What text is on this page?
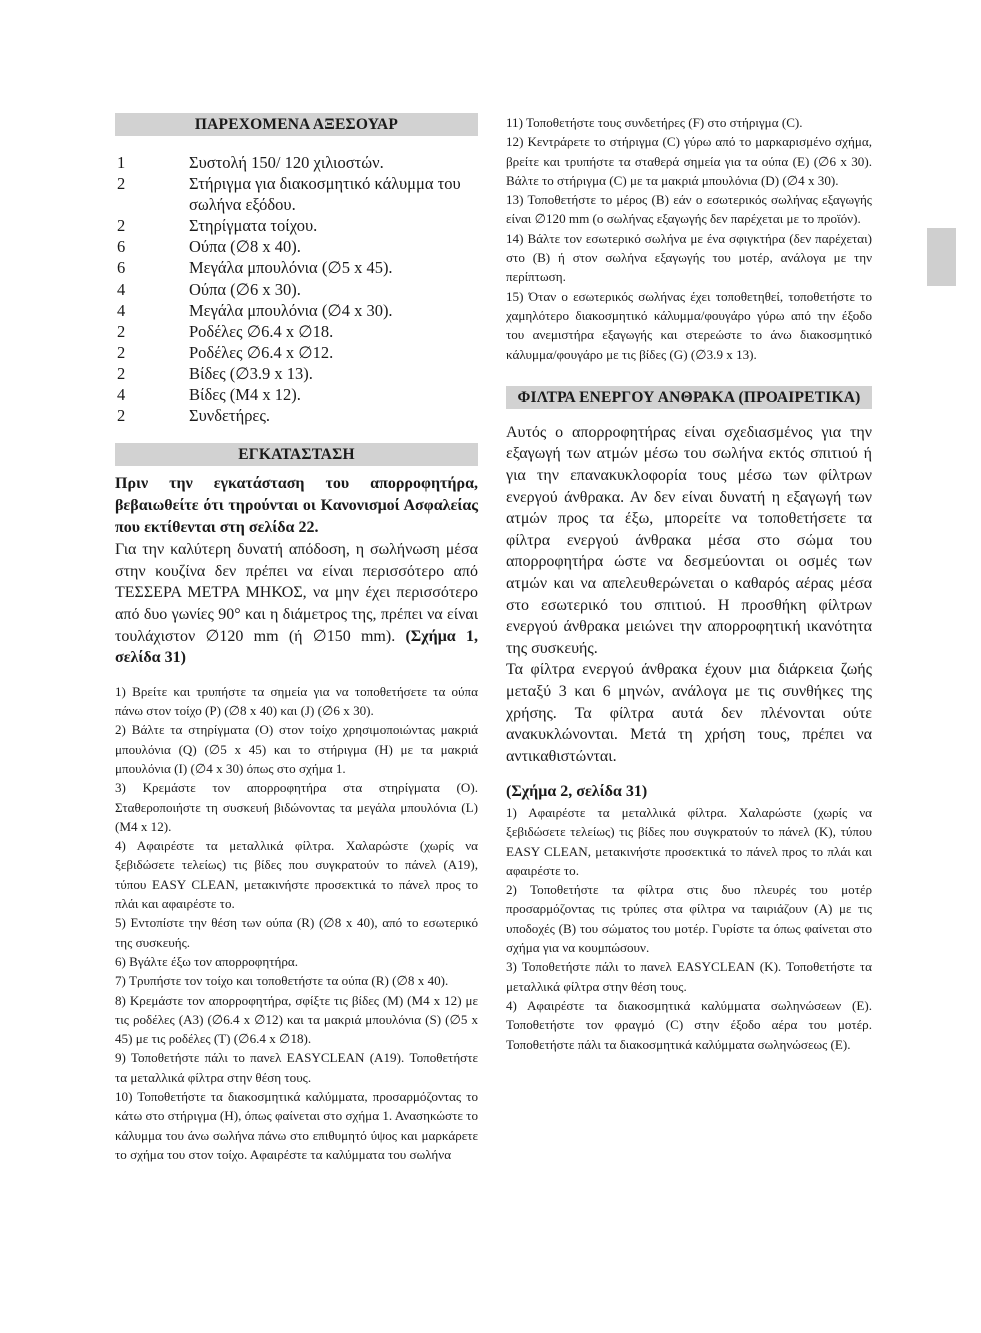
ΠΑΡΕΧΟΜΕΝΑ ΑΞΕΣΟΥΑΡ
1	Συστολή 150/ 120 χιλιοστών.
2	Στήριγμα για διακοσμητικό κάλυμμα του σωλήνα εξόδου.
2	Στηρίγματα τοίχου.
6	Ούπα (∅8 x 40).
6	Μεγάλα μπουλόνια (∅5 x 45).
4	Ούπα (∅6 x 30).
4	Μεγάλα μπουλόνια (∅4 x 30).
2	Ροδέλες ∅6.4 x ∅18.
2	Ροδέλες ∅6.4 x ∅12.
2	Βίδες (∅3.9 x 13).
4	Βίδες (M4 x 12).
2	Συνδετήρες.
ΕΓΚΑΤΑΣΤΑΣΗ
Πριν την εγκατάσταση του απορροφητήρα, βεβαιωθείτε ότι τηρούνται οι Κανονισμοί Ασφαλείας που εκτίθενται στη σελίδα 22.
Για την καλύτερη δυνατή απόδοση, η σωλήνωση μέσα στην κουζίνα δεν πρέπει να είναι περισσότερο από ΤΕΣΣΕΡΑ ΜΕΤΡΑ ΜΗΚΟΣ, να μην έχει περισσότερο από δυο γωνίες 90° και η διάμετρος της, πρέπει να είναι τουλάχιστον ∅120 mm (ή ∅150 mm). (Σχήμα 1, σελίδα 31)

1) Βρείτε και τρυπήστε τα σημεία για να τοποθετήσετε τα ούπα πάνω στον τοίχο (P) (∅8 x 40) και (J) (∅6 x 30).

2) Βάλτε τα στηρίγματα (O) στον τοίχο χρησιμοποιώντας μακριά μπουλόνια (Q) (∅5 x 45) και το στήριγμα (H) με τα μακριά μπουλόνια (I) (∅4 x 30) όπως στο σχήμα 1.

3) Κρεμάστε τον απορροφητήρα στα στηρίγματα (O). Σταθεροποιήστε τη συσκευή βιδώνοντας τα μεγάλα μπουλόνια (L) (M4 x 12).

4) Αφαιρέστε τα μεταλλικά φίλτρα. Χαλαρώστε (χωρίς να ξεβιδώσετε τελείως) τις βίδες που συγκρατούν το πάνελ (A19), τύπου EASY CLEAN, μετακινήστε προσεκτικά το πάνελ προς το πλάι και αφαιρέστε το.

5) Εντοπίστε την θέση των ούπα (R) (∅8 x 40), από το εσωτερικό της συσκευής.

6) Βγάλτε έξω τον απορροφητήρα.

7) Τρυπήστε τον τοίχο και τοποθετήστε τα ούπα (R) (∅8 x 40).

8) Κρεμάστε τον απορροφητήρα, σφίξτε τις βίδες (M) (M4 x 12) με τις ροδέλες (A3) (∅6.4 x ∅12) και τα μακριά μπουλόνια (S) (∅5 x 45) με τις ροδέλες (T) (∅6.4 x ∅18).

9) Τοποθετήστε πάλι το πανελ EASYCLEAN (A19). Τοποθετήστε τα μεταλλικά φίλτρα στην θέση τους.

10) Τοποθετήστε τα διακοσμητικά καλύμματα, προσαρμόζοντας το κάτω στο στήριγμα (H), όπως φαίνεται στο σχήμα 1. Ανασηκώστε το κάλυμμα του άνω σωλήνα πάνω στο επιθυμητό ύψος και μαρκάρετε το σχήμα του στον τοίχο. Αφαιρέστε τα καλύμματα του σωλήνα

11) Τοποθετήστε τους συνδετήρες (F) στο στήριγμα (C).

12) Κεντράρετε το στήριγμα (C) γύρω από το μαρκαρισμένο σχήμα, βρείτε και τρυπήστε τα σταθερά σημεία για τα ούπα (E) (∅6 x 30). Βάλτε το στήριγμα (C) με τα μακριά μπουλόνια (D) (∅4 x 30).

13) Τοποθετήστε το μέρος (B) εάν ο εσωτερικός σωλήνας εξαγωγής είναι ∅120 mm (ο σωλήνας εξαγωγής δεν παρέχεται με το προϊόν).

14) Βάλτε τον εσωτερικό σωλήνα με ένα σφιγκτήρα (δεν παρέχεται) στο (B) ή στον σωλήνα εξαγωγής του μοτέρ, ανάλογα με την περίπτωση.

15) Όταν ο εσωτερικός σωλήνας έχει τοποθετηθεί, τοποθετήστε το χαμηλότερο διακοσμητικό κάλυμμα/φουγάρο γύρω από την έξοδο του ανεμιστήρα εξαγωγής και στερεώστε το άνω διακοσμητικό κάλυμμα/φουγάρο με τις βίδες (G) (∅3.9 x 13).

ΦΙΛΤΡΑ ΕΝΕΡΓΟΥ ΑΝΘΡΑΚΑ (ΠΡΟΑΙΡΕΤΙΚΑ)

Αυτός ο απορροφητήρας είναι σχεδιασμένος για την εξαγωγή των ατμών μέσω του σωλήνα εκτός σπιτιού ή για την επανακυκλοφορία τους μέσω των φίλτρων ενεργού άνθρακα. Αν δεν είναι δυνατή η εξαγωγή των ατμών προς τα έξω, μπορείτε να τοποθετήσετε τα φίλτρα ενεργού άνθρακα μέσα στο σώμα του απορροφητήρα ώστε να δεσμεύονται οι οσμές των ατμών και να απελευθερώνεται ο καθαρός αέρας μέσα στο εσωτερικό του σπιτιού. Η προσθήκη φίλτρων ενεργού άνθρακα μειώνει την απορροφητική ικανότητα της συσκευής.

Τα φίλτρα ενεργού άνθρακα έχουν μια διάρκεια ζωής μεταξύ 3 και 6 μηνών, ανάλογα με τις συνθήκες της χρήσης. Τα φίλτρα αυτά δεν πλένονται ούτε ανακυκλώνονται. Μετά τη χρήση τους, πρέπει να αντικαθιστώνται.

(Σχήμα 2, σελίδα 31)

1) Αφαιρέστε τα μεταλλικά φίλτρα. Χαλαρώστε (χωρίς να ξεβιδώσετε τελείως) τις βίδες που συγκρατούν το πάνελ (K), τύπου EASY CLEAN, μετακινήστε προσεκτικά το πάνελ προς το πλάι και αφαιρέστε το.

2) Τοποθετήστε τα φίλτρα στις δυο πλευρές του μοτέρ προσαρμόζοντας τις τρύπες στα φίλτρα να ταιριάζουν (A) με τις υποδοχές (B) του σώματος του μοτέρ. Γυρίστε τα όπως φαίνεται στο σχήμα για να κουμπώσουν.

3) Τοποθετήστε πάλι το πανελ EASYCLEAN (K). Τοποθετήστε τα μεταλλικά φίλτρα στην θέση τους.

4) Αφαιρέστε τα διακοσμητικά καλύμματα σωληνώσεων (E). Τοποθετήστε τον φραγμό (C) στην έξοδο αέρα του μοτέρ. Τοποθετήστε πάλι τα διακοσμητικά καλύμματα σωληνώσεως (E).
